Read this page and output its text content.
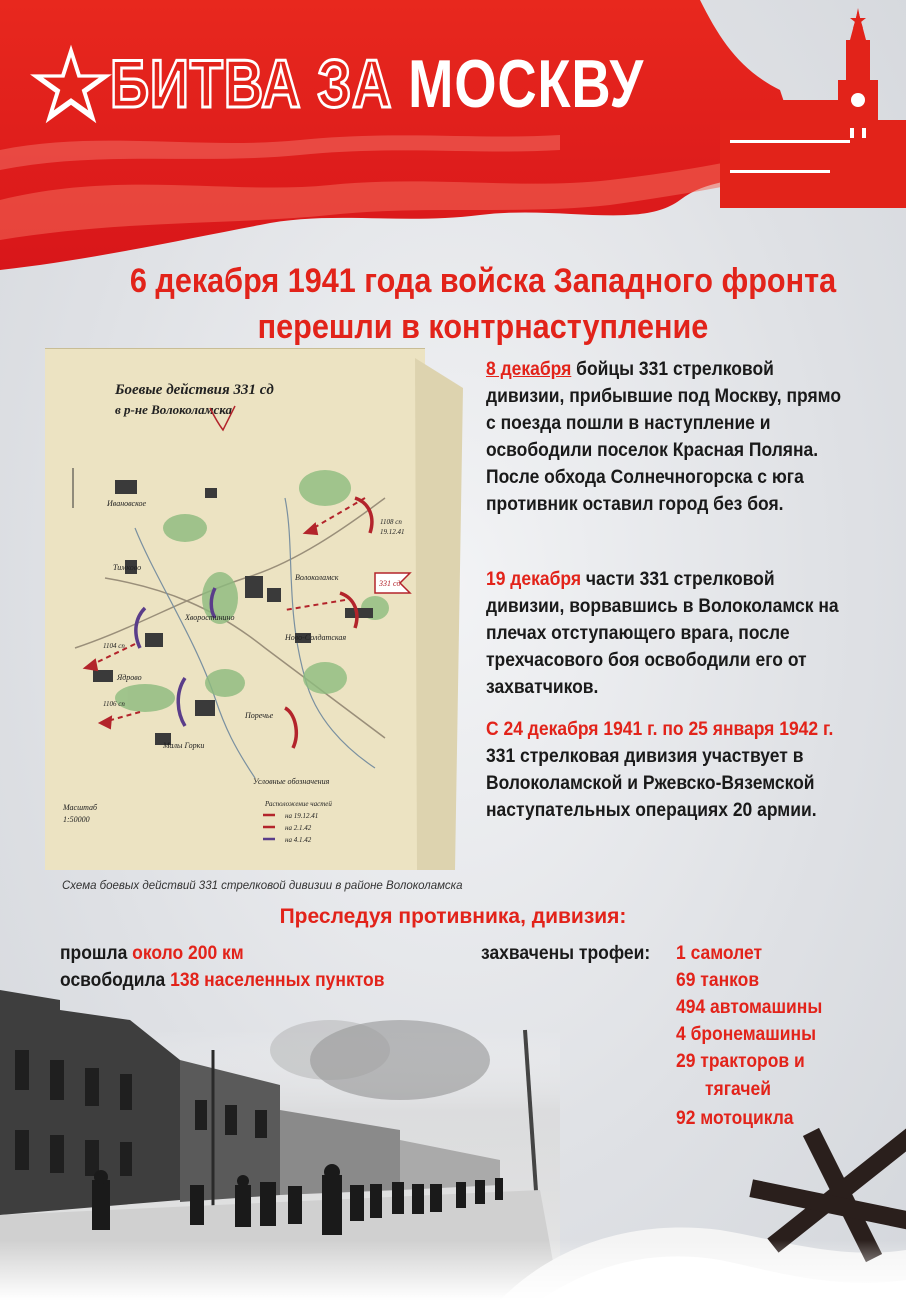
БИТВА ЗА МОСКВУ
6 декабря 1941 года войска Западного фронта
перешли в контрнаступление
Боевые действия 331 сд
в р-не Волоколамска
Ивановское
Волоколамск
Тимково
Хворостинино
Ново-Солдатская
Поречье
Ядрово
Малы Горки
1108 сп
19.12.41
331 сд
1106 сп
1104 сп
Масштаб
1:50000
Условные обозначения
Расположение частей
на 19.12.41
на 2.1.42
на 4.1.42
Схема боевых действий 331 стрелковой дивизии в районе Волоколамска
8 декабря бойцы 331 стрелковой дивизии, прибывшие под Москву, прямо с поезда пошли в наступление и освободили поселок Красная Поляна. После обхода Солнечногорска с юга противник оставил город без боя.
19 декабря части 331 стрелковой дивизии, ворвавшись в Волоколамск на плечах отступающего врага, после трехчасового боя освободили его от захватчиков.
С 24 декабря 1941 г. по 25 января 1942 г. 331 стрелковая дивизия участвует в Волоколамской и Ржевско-Вяземской наступательных операциях 20 армии.
Преследуя противника, дивизия:
прошла около 200 км
освободила 138 населенных пунктов
захвачены трофеи: 1 самолет
69 танков
494 автомашины
4 бронемашины
29 тракторов и
тягачей
92 мотоцикла
